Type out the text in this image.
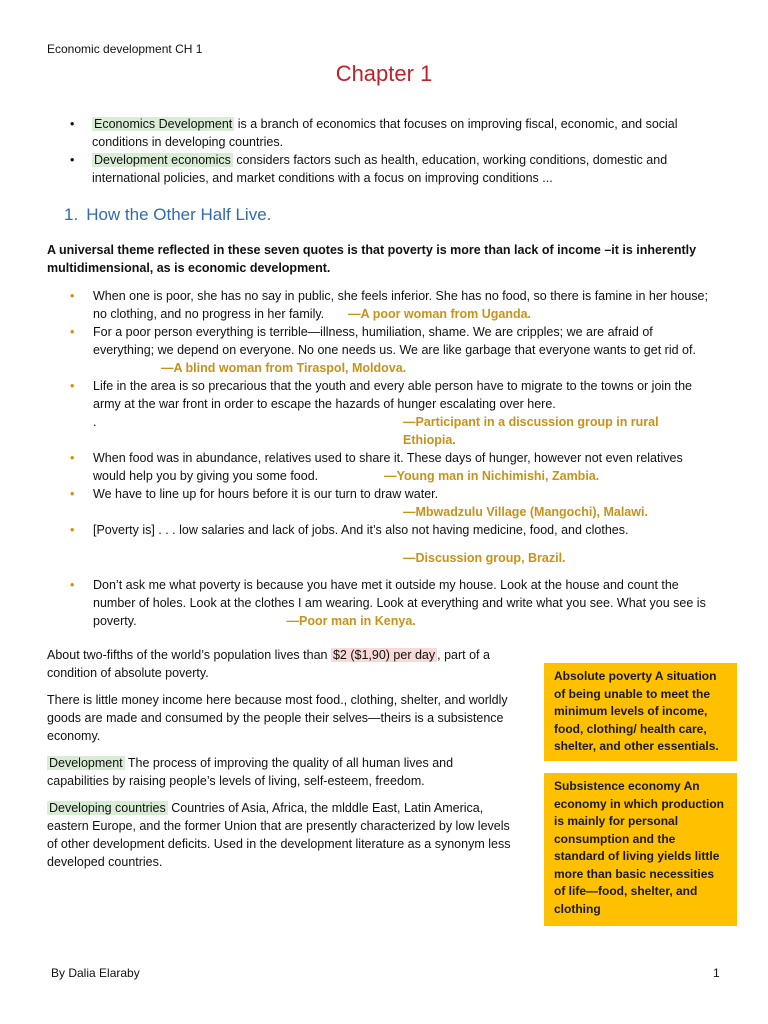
Economic development CH 1
Chapter 1
• Economics Development is a branch of economics that focuses on improving fiscal, economic, and social conditions in developing countries.
• Development economics considers factors such as health, education, working conditions, domestic and international policies, and market conditions with a focus on improving conditions ...
1. How the Other Half Live.

A universal theme reflected in these seven quotes is that poverty is more than lack of income –it is inherently multidimensional, as is economic development.

• When one is poor, she has no say in public, she feels inferior. She has no food, so there is famine in her house; no clothing, and no progress in her family. —A poor woman from Uganda.
• For a poor person everything is terrible—illness, humiliation, shame. We are cripples; we are afraid of everything; we depend on everyone. No one needs us. We are like garbage that everyone wants to get rid of.—A blind woman from Tiraspol, Moldova.
• Life in the area is so precarious that the youth and every able person have to migrate to the towns or join the army at the war front in order to escape the hazards of hunger escalating over here.
.	—Participant in a discussion group in rural Ethiopia.
• When food was in abundance, relatives used to share it. These days of hunger, however not even relatives would help you by giving you some food.	—Young man in Nichimishi, Zambia.
• We have to line up for hours before it is our turn to draw water.
—Mbwadzulu Village (Mangochi), Malawi.
• [Poverty is] . . . low salaries and lack of jobs. And it’s also not having medicine, food, and clothes.
—Discussion group, Brazil.
• Don’t ask me what poverty is because you have met it outside my house. Look at the house and count the number of holes. Look at the clothes I am wearing. Look at everything and write what you see. What you see is poverty.	—Poor man in Kenya.

About two-fifths of the world’s population lives than $2 ($1,90) per day , part of a condition of absolute poverty.

There is little money income here because most food., clothing, shelter, and worldly goods are made and consumed by the people their selves—theirs is a subsistence economy.

Development The process of improving the quality of all human lives and capabilities by raising people’s levels of living, self-esteem, freedom.

Developing countries Countries of Asia, Africa, the mlddle East, Latin America, eastern Europe, and the former Union that are presently characterized by low levels of other development deficits. Used in the development literature as a synonym less developed countries.

Absolute poverty A situation of being unable to meet the minimum levels of income, food, clothing/ health care, shelter, and other essentials.
Subsistence economy An economy in which production is mainly for personal consumption and the standard of living yields little more than basic necessities of life—food, shelter, and clothing
By Dalia Elaraby	1
